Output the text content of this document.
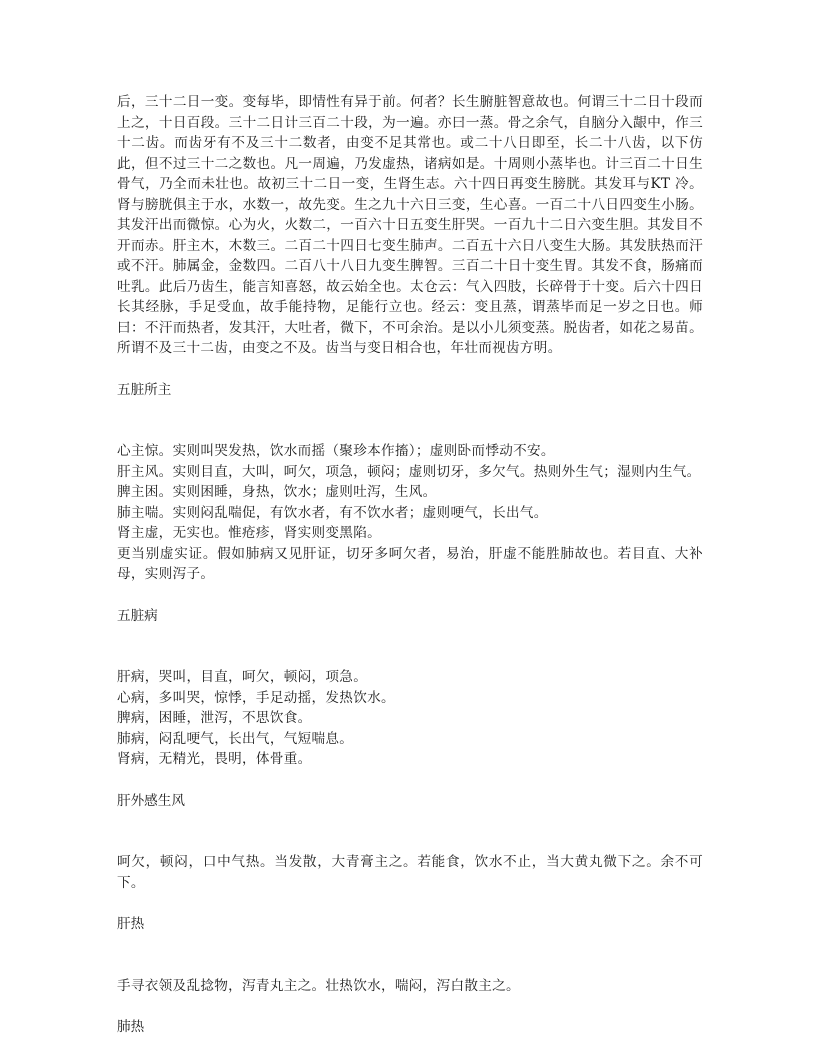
后，三十二日一变。变每毕，即情性有异于前。何者？长生腑脏智意故也。何谓三十二日十段而上之，十日百段。三十二日计三百二十段，为一遍。亦曰一蒸。骨之余气，自脑分入龈中，作三十二齿。而齿牙有不及三十二数者，由变不足其常也。或二十八日即至，长二十八齿，以下仿此，但不过三十二之数也。凡一周遍，乃发虚热，诸病如是。十周则小蒸毕也。计三百二十日生骨气，乃全而未壮也。故初三十二日一变，生肾生志。六十四日再变生膀胱。其发耳与KT 冷。肾与膀胱俱主于水，水数一，故先变。生之九十六日三变，生心喜。一百二十八日四变生小肠。其发汗出而微惊。心为火，火数二，一百六十日五变生肝哭。一百九十二日六变生胆。其发目不开而赤。肝主木，木数三。二百二十四日七变生肺声。二百五十六日八变生大肠。其发肤热而汗或不汗。肺属金，金数四。二百八十八日九变生脾智。三百二十日十变生胃。其发不食，肠痛而吐乳。此后乃齿生，能言知喜怒，故云始全也。太仓云：气入四肢，长碎骨于十变。后六十四日长其经脉，手足受血，故手能持物，足能行立也。经云：变且蒸，谓蒸毕而足一岁之日也。师曰：不汗而热者，发其汗，大吐者，微下，不可余治。是以小儿须变蒸。脱齿者，如花之易苗。所谓不及三十二齿，由变之不及。齿当与变日相合也，年壮而视齿方明。

五脏所主

心主惊。实则叫哭发热，饮水而摇（聚珍本作搐）；虚则卧而悸动不安。
肝主风。实则目直，大叫，呵欠，项急，顿闷；虚则切牙，多欠气。热则外生气；湿则内生气。
脾主困。实则困睡，身热，饮水；虚则吐泻，生风。
肺主喘。实则闷乱喘促，有饮水者，有不饮水者；虚则哽气，长出气。
肾主虚，无实也。惟疮疹，肾实则变黑陷。
更当别虚实证。假如肺病又见肝证，切牙多呵欠者，易治，肝虚不能胜肺故也。若目直、大补母，实则泻子。

五脏病

肝病，哭叫，目直，呵欠，顿闷，项急。
心病，多叫哭，惊悸，手足动摇，发热饮水。
脾病，困睡，泄泻，不思饮食。
肺病，闷乱哽气，长出气，气短喘息。
肾病，无精光，畏明，体骨重。

肝外感生风

呵欠，顿闷，口中气热。当发散，大青膏主之。若能食，饮水不止，当大黄丸微下之。余不可下。

肝热

手寻衣领及乱捻物，泻青丸主之。壮热饮水，喘闷，泻白散主之。

肺热
